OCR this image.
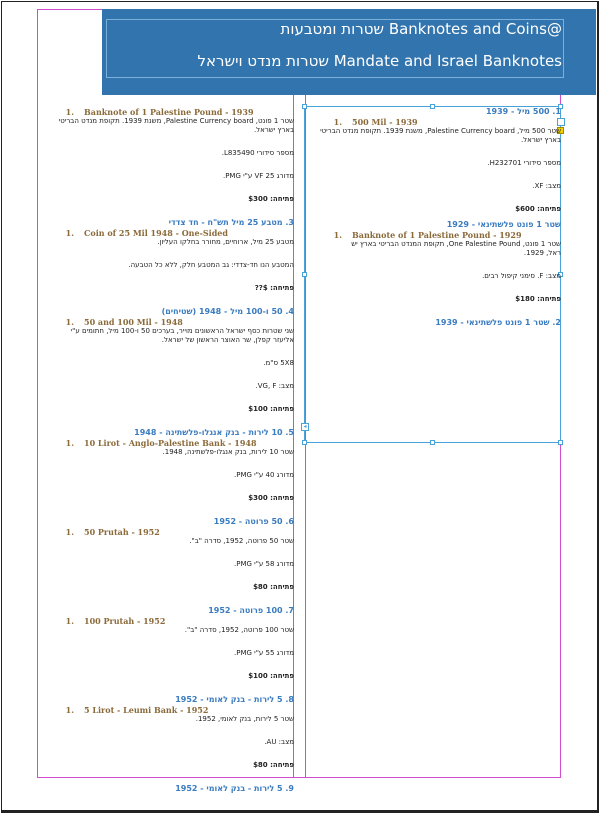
שטרות ומטבעות Banknotes and Coins@
שטרות מנדט וישראל Mandate and Israel Banknotes
◂
1. Banknote of 1 Palestine Pound - 1939
שטר 1 פונט, Palestine Currency board, משנת 1939. תקופת מנדט הבריטי
בארץ ישראל.
מספר סידורי L835490.
מדורג VF 25 ע"י PMG.
פתיחה: $300
3. מטבע 25 מיל תש"ח - חד צדדי
1. Coin of 25 Mil 1948 - One-Sided
מטבע 25 מיל, ארוחיים, מחורר בחלקו העליון.
המטבע הנו חד-צדדי: גב המטבע חלק, ללא כל הטבעה.
פתיחה: $??
4. 50 ו-100 מיל - 1948 (שטיחים)
1. 50 and 100 Mil - 1948
שני שטרות כסף ישראל הראשונים מוייר, בערכים 50 ו-100 מיל, חתומים ע"י
אליעזר קפלן, שר האוצר הראשון של ישראל.
5X8 ס"מ.
מצב: VG, F.
פתיחה: $100
5. 10 לירות - בנק אנגלו-פלשתינה - 1948
1. 10 Lirot - Anglo-Palestine Bank - 1948
שטר 10 לירות, בנק אנגלו-פלשתינה, 1948.
מדורג 40 ע"י PMG.
פתיחה: $300
6. 50 פרוטה - 1952
1. 50 Prutah - 1952
שטר 50 פרוטה, 1952, סדרה "ב".
מדורג 58 ע"י PMG.
פתיחה: $80
7. 100 פרוטה - 1952
1. 100 Prutah - 1952
שטר 100 פרוטה, 1952, סדרה "ב".
מדורג 55 ע"י PMG.
פתיחה: $100
8. 5 לירות - בנק לאומי - 1952
1. 5 Lirot - Leumi Bank - 1952
שטר 5 לירות, בנק לאומי, 1952.
מצב: AU.
פתיחה: $80
9. 5 לירות - בנק לאומי - 1952
1. 500 מיל - 1939
1. 500 Mil - 1939
שטר 500 מיל, Palestine Currency board, משנת 1939. תקופת מנדט הבריטי
בארץ ישראל.
מספר סידורי H232701.
מצב: XF.
פתיחה: $600
שטר 1 פונט פלשתינאי - 1929
1. Banknote of 1 Palestine Pound - 1929
שטר 1 פונט, One Palestine Pound, תקופת המנדט הבריטי בארץ יש
ראל, 1929.
מצב: F. סימני קיפול רבים.
פתיחה: $180
2. שטר 1 פונט פלשתינאי - 1939
